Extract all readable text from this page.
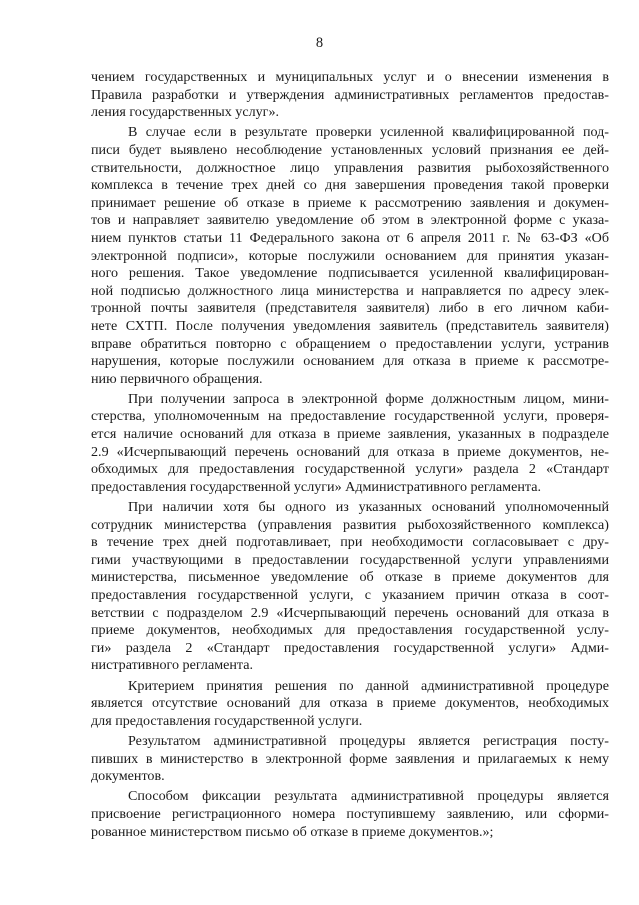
8
чением государственных и муниципальных услуг и о внесении изменения в
Правила разработки и утверждения административных регламентов предостав-
ления государственных услуг».
В случае если в результате проверки усиленной квалифицированной под-
писи будет выявлено несоблюдение установленных условий признания ее дей-
ствительности, должностное лицо управления развития рыбохозяйственного
комплекса в течение трех дней со дня завершения проведения такой проверки
принимает решение об отказе в приеме к рассмотрению заявления и докумен-
тов и направляет заявителю уведомление об этом в электронной форме с указа-
нием пунктов статьи 11 Федерального закона от 6 апреля 2011 г. № 63-ФЗ «Об
электронной подписи», которые послужили основанием для принятия указан-
ного решения. Такое уведомление подписывается усиленной квалифицирован-
ной подписью должностного лица министерства и направляется по адресу элек-
тронной почты заявителя (представителя заявителя) либо в его личном каби-
нете СХТП. После получения уведомления заявитель (представитель заявителя)
вправе обратиться повторно с обращением о предоставлении услуги, устранив
нарушения, которые послужили основанием для отказа в приеме к рассмотре-
нию первичного обращения.
При получении запроса в электронной форме должностным лицом, мини-
стерства, уполномоченным на предоставление государственной услуги, проверя-
ется наличие оснований для отказа в приеме заявления, указанных в подразделе
2.9 «Исчерпывающий перечень оснований для отказа в приеме документов, не-
обходимых для предоставления государственной услуги» раздела 2 «Стандарт
предоставления государственной услуги» Административного регламента.
При наличии хотя бы одного из указанных оснований уполномоченный
сотрудник министерства (управления развития рыбохозяйственного комплекса)
в течение трех дней подготавливает, при необходимости согласовывает с дру-
гими участвующими в предоставлении государственной услуги управлениями
министерства, письменное уведомление об отказе в приеме документов для
предоставления государственной услуги, с указанием причин отказа в соот-
ветствии с подразделом 2.9 «Исчерпывающий перечень оснований для отказа в
приеме документов, необходимых для предоставления государственной услу-
ги» раздела 2 «Стандарт предоставления государственной услуги» Адми-
нистративного регламента.
Критерием принятия решения по данной административной процедуре
является отсутствие оснований для отказа в приеме документов, необходимых
для предоставления государственной услуги.
Результатом административной процедуры является регистрация посту-
пивших в министерство в электронной форме заявления и прилагаемых к нему
документов.
Способом фиксации результата административной процедуры является
присвоение регистрационного номера поступившему заявлению, или сформи-
рованное министерством письмо об отказе в приеме документов.»;
